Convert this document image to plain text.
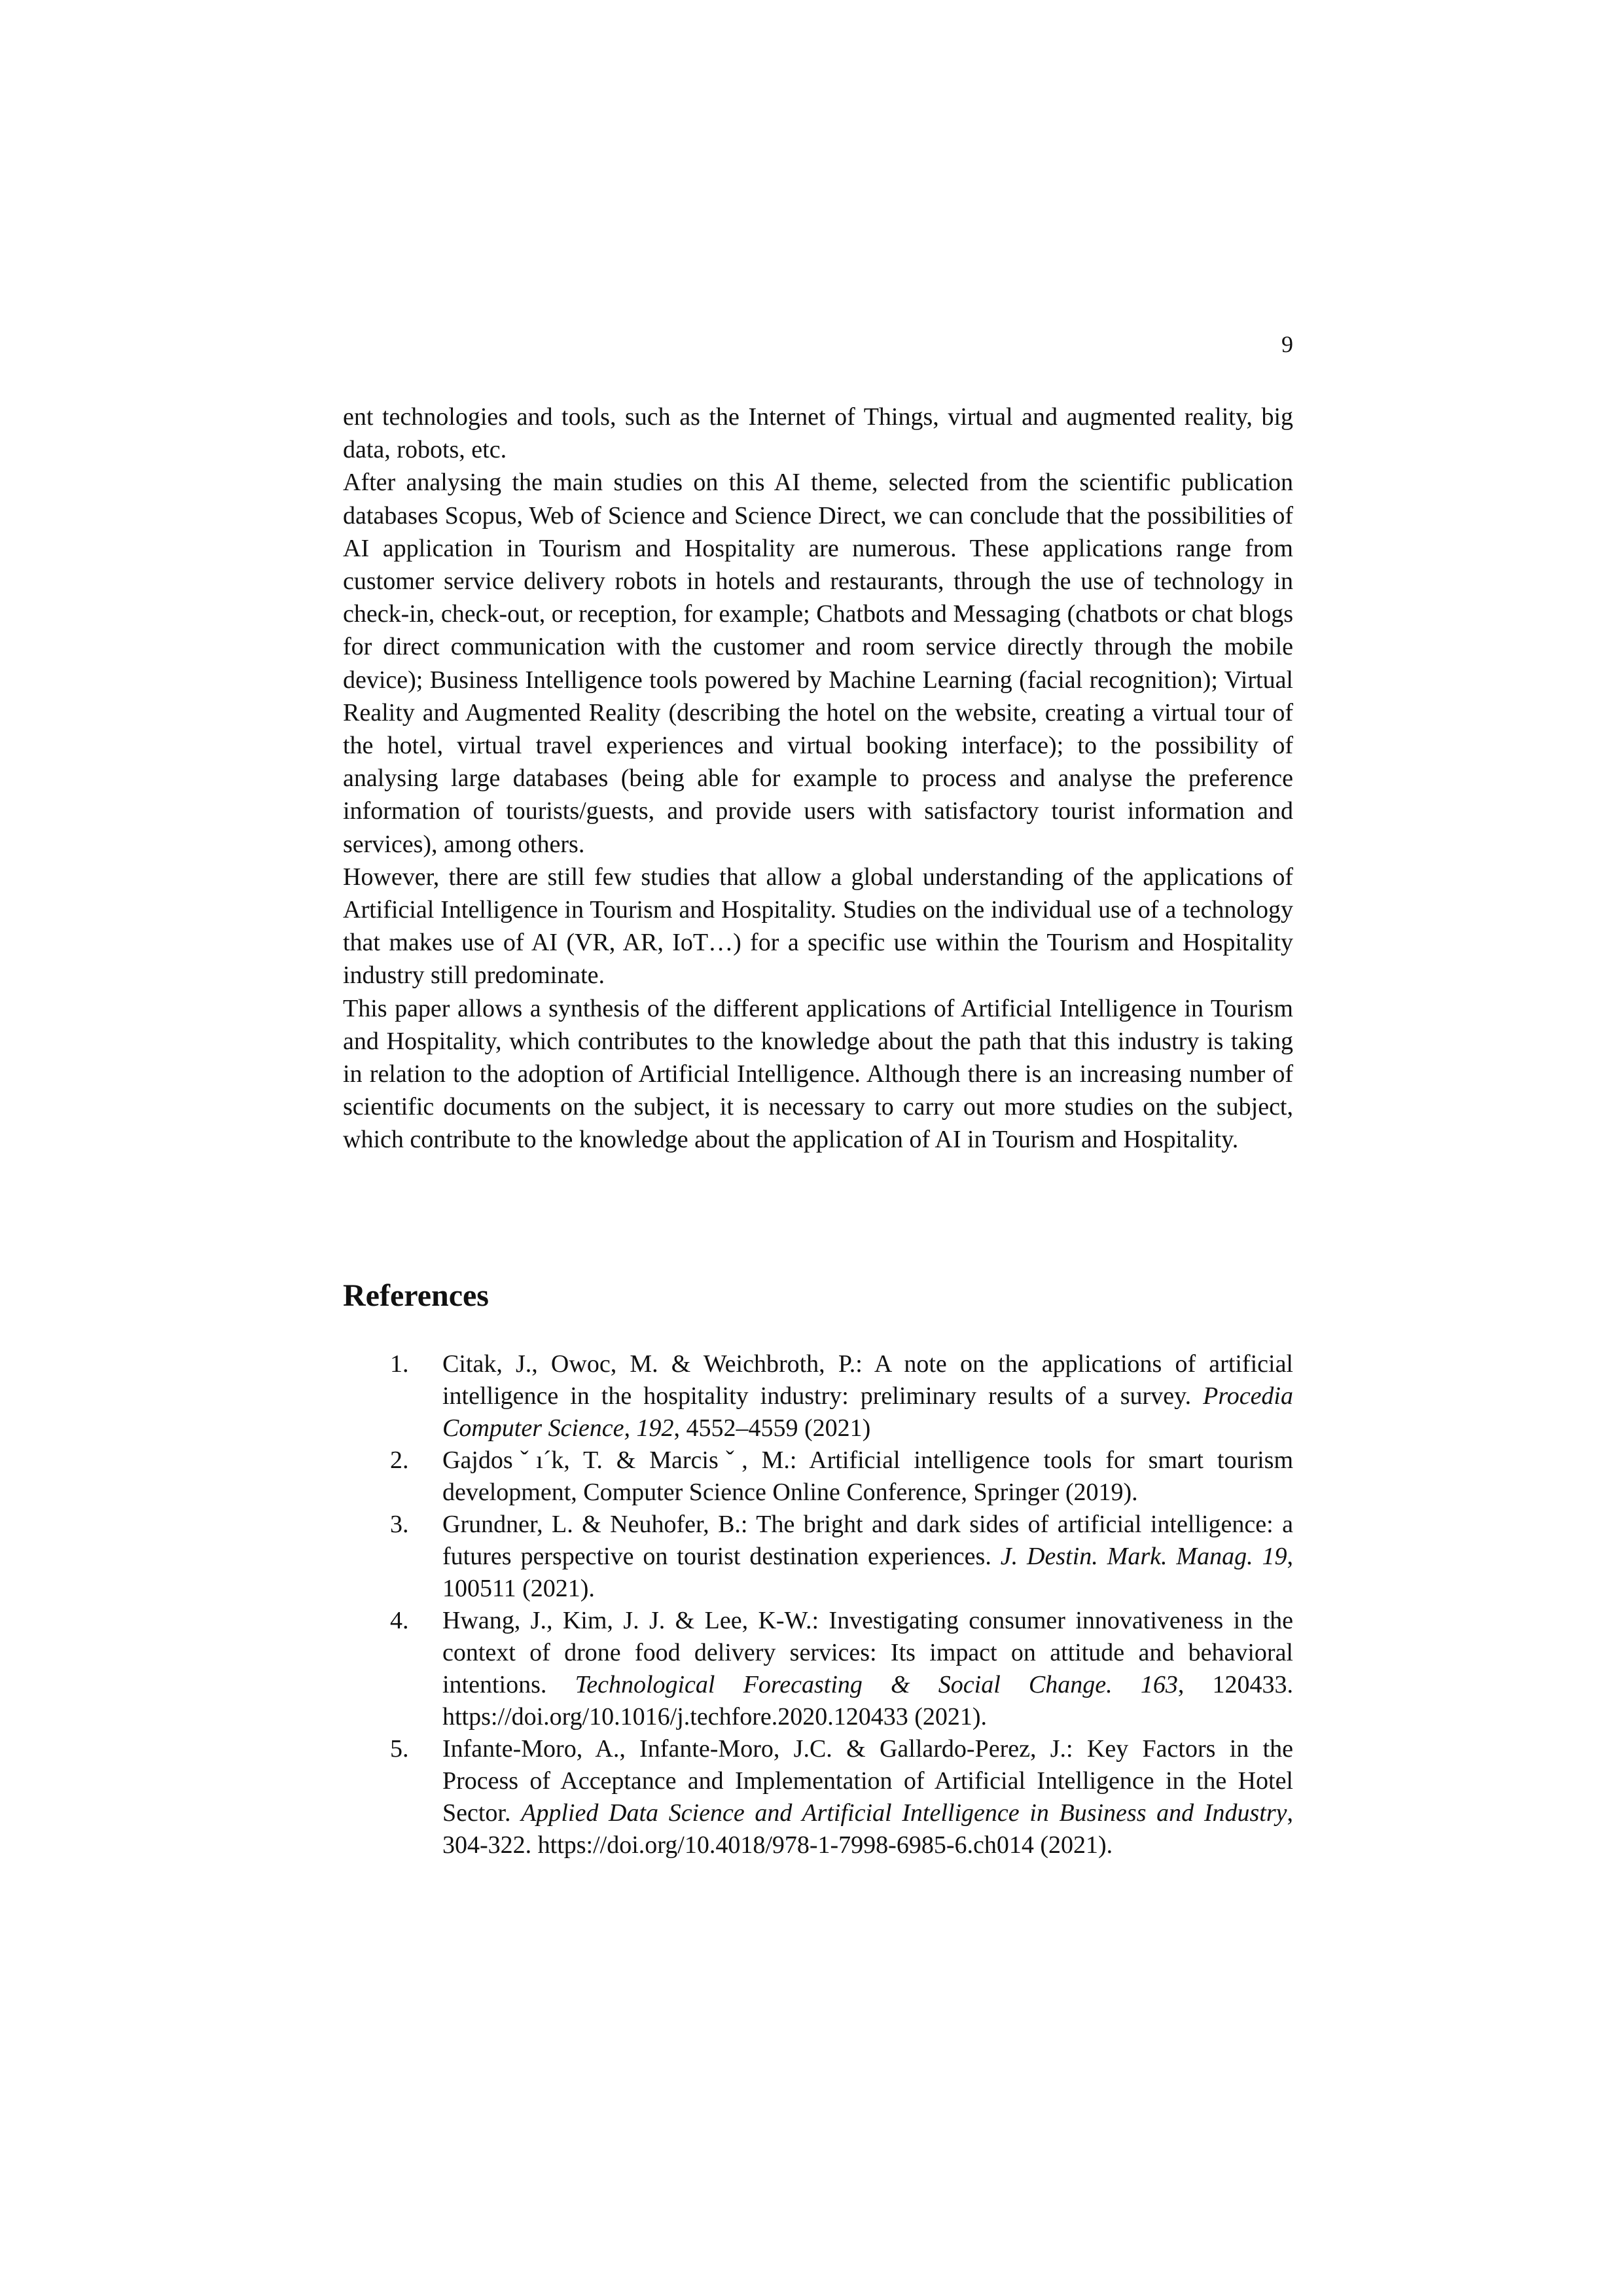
9

ent technologies and tools, such as the Internet of Things, virtual and augmented reality, big data, robots, etc.

After analysing the main studies on this AI theme, selected from the scientific publication databases Scopus, Web of Science and Science Direct, we can conclude that the possibilities of AI application in Tourism and Hospitality are numerous. These applications range from customer service delivery robots in hotels and restaurants, through the use of technology in check-in, check-out, or reception, for example; Chatbots and Messaging (chatbots or chat blogs for direct communication with the customer and room service directly through the mobile device); Business Intelligence tools powered by Machine Learning (facial recognition); Virtual Reality and Augmented Reality (describing the hotel on the website, creating a virtual tour of the hotel, virtual travel experiences and virtual booking interface); to the possibility of analysing large databases (being able for example to process and analyse the preference information of tourists/guests, and provide users with satisfactory tourist information and services), among others.

However, there are still few studies that allow a global understanding of the applications of Artificial Intelligence in Tourism and Hospitality. Studies on the individual use of a technology that makes use of AI (VR, AR, IoT…) for a specific use within the Tourism and Hospitality industry still predominate.

This paper allows a synthesis of the different applications of Artificial Intelligence in Tourism and Hospitality, which contributes to the knowledge about the path that this industry is taking in relation to the adoption of Artificial Intelligence. Although there is an increasing number of scientific documents on the subject, it is necessary to carry out more studies on the subject, which contribute to the knowledge about the application of AI in Tourism and Hospitality.

References
1. Citak, J., Owoc, M. & Weichbroth, P.: A note on the applications of artificial intelligence in the hospitality industry: preliminary results of a survey. Procedia Computer Science, 192, 4552–4559 (2021)
2. Gajdosˇı´k, T. & Marcisˇ, M.: Artificial intelligence tools for smart tourism development, Computer Science Online Conference, Springer (2019).
3. Grundner, L. & Neuhofer, B.: The bright and dark sides of artificial intelligence: a futures perspective on tourist destination experiences. J. Destin. Mark. Manag. 19, 100511 (2021).
4. Hwang, J., Kim, J. J. & Lee, K-W.: Investigating consumer innovativeness in the context of drone food delivery services: Its impact on attitude and behavioral intentions. Technological Forecasting & Social Change. 163, 120433. https://doi.org/10.1016/j.techfore.2020.120433 (2021).
5. Infante-Moro, A., Infante-Moro, J.C. & Gallardo-Perez, J.: Key Factors in the Process of Acceptance and Implementation of Artificial Intelligence in the Hotel Sector. Applied Data Science and Artificial Intelligence in Business and Industry, 304-322. https://doi.org/10.4018/978-1-7998-6985-6.ch014 (2021).
